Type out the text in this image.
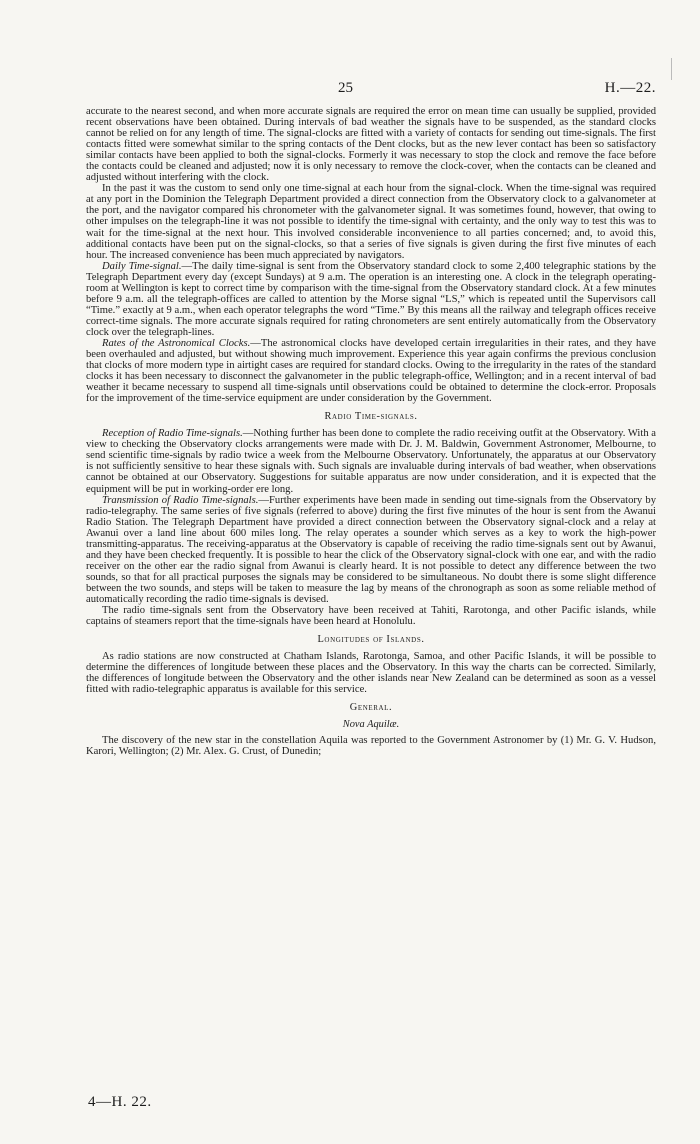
25	H.—22.

accurate to the nearest second, and when more accurate signals are required the error on mean time can usually be supplied, provided recent observations have been obtained. During intervals of bad weather the signals have to be suspended, as the standard clocks cannot be relied on for any length of time. The signal-clocks are fitted with a variety of contacts for sending out time-signals. The first contacts fitted were somewhat similar to the spring contacts of the Dent clocks, but as the new lever contact has been so satisfactory similar contacts have been applied to both the signal-clocks. Formerly it was necessary to stop the clock and remove the face before the contacts could be cleaned and adjusted; now it is only necessary to remove the clock-cover, when the contacts can be cleaned and adjusted without interfering with the clock.

In the past it was the custom to send only one time-signal at each hour from the signal-clock. When the time-signal was required at any port in the Dominion the Telegraph Department provided a direct connection from the Observatory clock to a galvanometer at the port, and the navigator compared his chronometer with the galvanometer signal. It was sometimes found, however, that owing to other impulses on the telegraph-line it was not possible to identify the time-signal with certainty, and the only way to test this was to wait for the time-signal at the next hour. This involved considerable inconvenience to all parties concerned; and, to avoid this, additional contacts have been put on the signal-clocks, so that a series of five signals is given during the first five minutes of each hour. The increased convenience has been much appreciated by navigators.

Daily Time-signal.—The daily time-signal is sent from the Observatory standard clock to some 2,400 telegraphic stations by the Telegraph Department every day (except Sundays) at 9 a.m. The operation is an interesting one. A clock in the telegraph operating-room at Wellington is kept to correct time by comparison with the time-signal from the Observatory standard clock. At a few minutes before 9 a.m. all the telegraph-offices are called to attention by the Morse signal “LS,” which is repeated until the Supervisors call “Time.” exactly at 9 a.m., when each operator telegraphs the word “Time.” By this means all the railway and telegraph offices receive correct-time signals. The more accurate signals required for rating chronometers are sent entirely automatically from the Observatory clock over the telegraph-lines.

Rates of the Astronomical Clocks.—The astronomical clocks have developed certain irregularities in their rates, and they have been overhauled and adjusted, but without showing much improvement. Experience this year again confirms the previous conclusion that clocks of more modern type in airtight cases are required for standard clocks. Owing to the irregularity in the rates of the standard clocks it has been necessary to disconnect the galvanometer in the public telegraph-office, Wellington; and in a recent interval of bad weather it became necessary to suspend all time-signals until observations could be obtained to determine the clock-error. Proposals for the improvement of the time-service equipment are under consideration by the Government.

Radio Time-signals.

Reception of Radio Time-signals.—Nothing further has been done to complete the radio receiving outfit at the Observatory. With a view to checking the Observatory clocks arrangements were made with Dr. J. M. Baldwin, Government Astronomer, Melbourne, to send scientific time-signals by radio twice a week from the Melbourne Observatory. Unfortunately, the apparatus at our Observatory is not sufficiently sensitive to hear these signals with. Such signals are invaluable during intervals of bad weather, when observations cannot be obtained at our Observatory. Suggestions for suitable apparatus are now under consideration, and it is expected that the equipment will be put in working-order ere long.

Transmission of Radio Time-signals.—Further experiments have been made in sending out time-signals from the Observatory by radio-telegraphy. The same series of five signals (referred to above) during the first five minutes of the hour is sent from the Awanui Radio Station. The Telegraph Department have provided a direct connection between the Observatory signal-clock and a relay at Awanui over a land line about 600 miles long. The relay operates a sounder which serves as a key to work the high-power transmitting-apparatus. The receiving-apparatus at the Observatory is capable of receiving the radio time-signals sent out by Awanui, and they have been checked frequently. It is possible to hear the click of the Observatory signal-clock with one ear, and with the radio receiver on the other ear the radio signal from Awanui is clearly heard. It is not possible to detect any difference between the two sounds, so that for all practical purposes the signals may be considered to be simultaneous. No doubt there is some slight difference between the two sounds, and steps will be taken to measure the lag by means of the chronograph as soon as some reliable method of automatically recording the radio time-signals is devised.

The radio time-signals sent from the Observatory have been received at Tahiti, Rarotonga, and other Pacific islands, while captains of steamers report that the time-signals have been heard at Honolulu.

Longitudes of Islands.

As radio stations are now constructed at Chatham Islands, Rarotonga, Samoa, and other Pacific Islands, it will be possible to determine the differences of longitude between these places and the Observatory. In this way the charts can be corrected. Similarly, the differences of longitude between the Observatory and the other islands near New Zealand can be determined as soon as a vessel fitted with radio-telegraphic apparatus is available for this service.

General.
Nova Aquilæ.

The discovery of the new star in the constellation Aquila was reported to the Government Astronomer by (1) Mr. G. V. Hudson, Karori, Wellington; (2) Mr. Alex. G. Crust, of Dunedin;

4—H. 22.
